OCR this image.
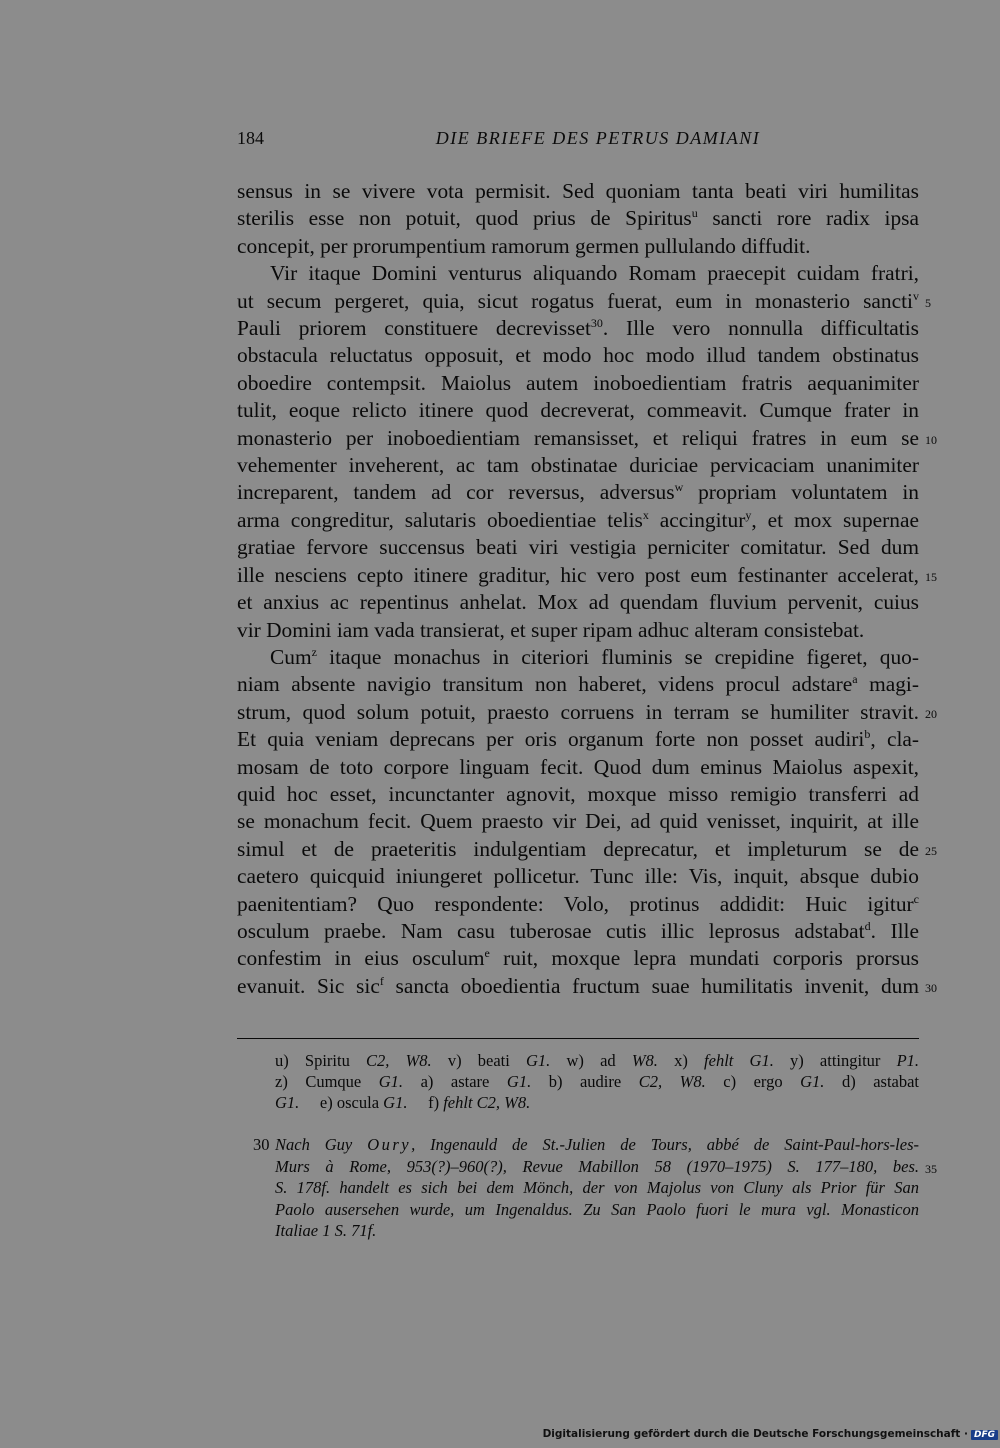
184	DIE BRIEFE DES PETRUS DAMIANI

sensus in se vivere vota permisit. Sed quoniam tanta beati viri humilitas
sterilis esse non potuit, quod prius de Spiritus$^u$ sancti rore radix ipsa
concepit, per prorumpentium ramorum germen pullulando diffudit.

Vir itaque Domini venturus aliquando Romam praecepit cuidam fratri,
ut secum pergeret, quia, sicut rogatus fuerat, eum in monasterio sancti$^v$
Pauli priorem constituere decrevisset$^{30}$. Ille vero nonnulla difficultatis
obstacula reluctatus opposuit, et modo hoc modo illud tandem obstinatus
oboedire contempsit. Maiolus autem inoboedientiam fratris aequanimiter
tulit, eoque relicto itinere quod decreverat, commeavit. Cumque frater in
monasterio per inoboedientiam remansisset, et reliqui fratres in eum se
vehementer inveherent, ac tam obstinatae duriciae pervicaciam unanimiter
increparent, tandem ad cor reversus, adversus$^w$ propriam voluntatem in
arma congreditur, salutaris oboedientiae telis$^x$ accingitur$^y$, et mox supernae
gratiae fervore succensus beati viri vestigia perniciter comitatur. Sed dum
ille nesciens cepto itinere graditur, hic vero post eum festinanter accelerat,
et anxius ac repentinus anhelat. Mox ad quendam fluvium pervenit, cuius
vir Domini iam vada transierat, et super ripam adhuc alteram consistebat.

Cum$^z$ itaque monachus in citeriori fluminis se crepidine figeret, quo-
niam absente navigio transitum non haberet, videns procul adstare$^a$ magi-
strum, quod solum potuit, praesto corruens in terram se humiliter stravit.
Et quia veniam deprecans per oris organum forte non posset audiri$^b$, cla-
mosam de toto corpore linguam fecit. Quod dum eminus Maiolus aspexit,
quid hoc esset, incunctanter agnovit, moxque misso remigio transferri ad
se monachum fecit. Quem praesto vir Dei, ad quid venisset, inquirit, at ille
simul et de praeteritis indulgentiam deprecatur, et impleturum se de
caetero quicquid iniungeret pollicetur. Tunc ille: Vis, inquit, absque dubio
paenitentiam? Quo respondente: Volo, protinus addidit: Huic igitur$^c$
osculum praebe. Nam casu tuberosae cutis illic leprosus adstabat$^d$. Ille
confestim in eius osculum$^e$ ruit, moxque lepra mundati corporis prorsus
evanuit. Sic sic$^f$ sancta oboedientia fructum suae humilitatis invenit, dum

5
10
15
20
25
30
35
u) Spiritu C2, W8. v) beati G1. w) ad W8. x) fehlt G1. y) attingitur P1.
z) Cumque G1. a) astare G1. b) audire C2, W8. c) ergo G1. d) astabat
G1. e) oscula G1. f) fehlt C2, W8.
30 Nach Guy Oury, Ingenauld de St.-Julien de Tours, abbé de Saint-Paul-hors-les-
Murs à Rome, 953(?)–960(?), Revue Mabillon 58 (1970–1975) S. 177–180, bes.
S. 178f. handelt es sich bei dem Mönch, der von Majolus von Cluny als Prior für San
Paolo ausersehen wurde, um Ingenaldus. Zu San Paolo fuori le mura vgl. Monasticon
Italiae 1 S. 71f.
Digitalisierung gefördert durch die Deutsche Forschungsgemeinschaft · DFG
